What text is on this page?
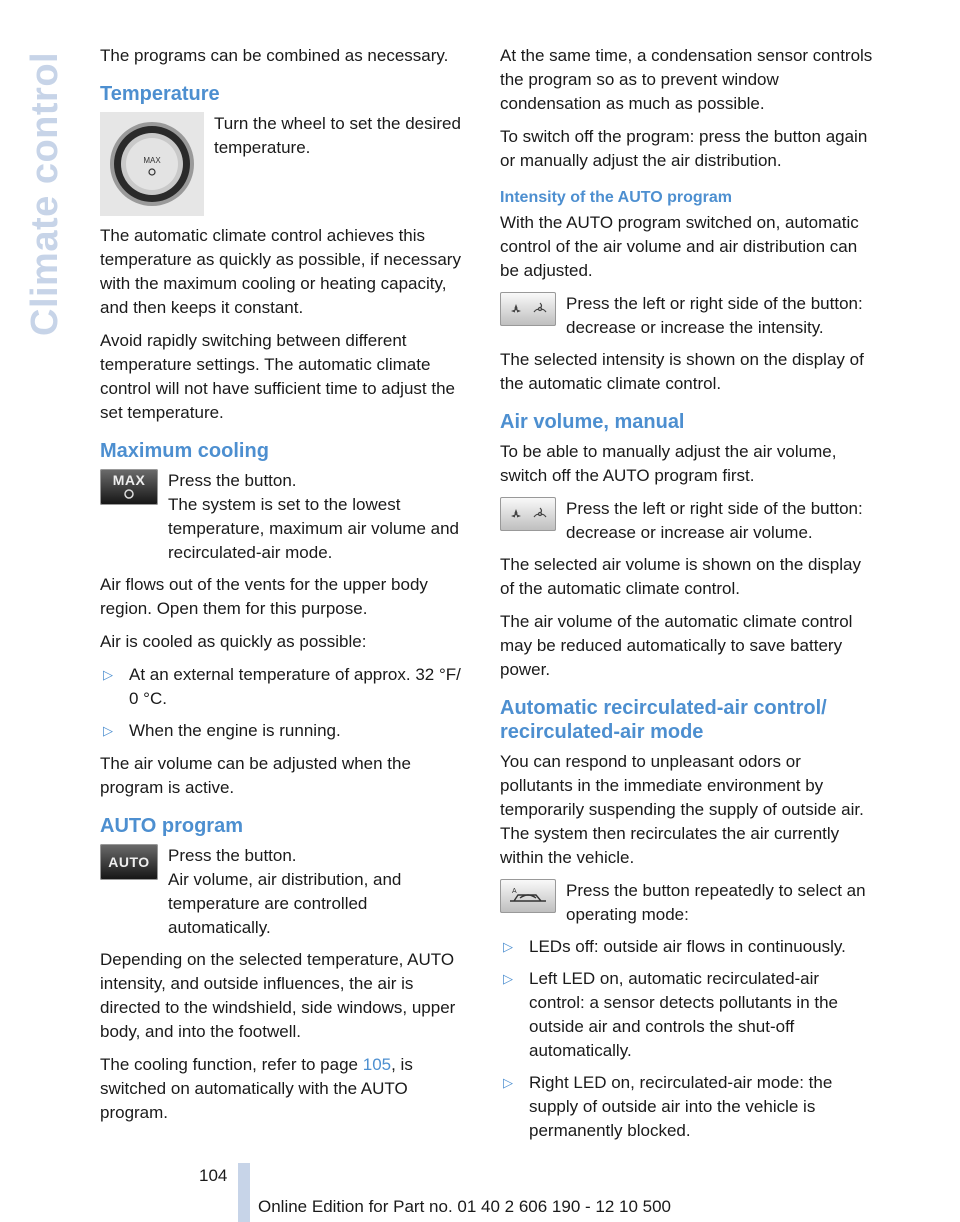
Climate control The programs can be combined as necessary.

Temperature
MAX
Turn the wheel to set the desired temperature.

The automatic climate control achieves this temperature as quickly as possible, if necessary with the maximum cooling or heating capacity, and then keeps it constant.

Avoid rapidly switching between different temperature settings. The automatic climate control will not have sufficient time to adjust the set temperature.

Maximum cooling
MAX Press the button.
The system is set to the lowest temperature, maximum air volume and recirculated-air mode.

Air flows out of the vents for the upper body region. Open them for this purpose.

Air is cooled as quickly as possible:

▷ At an external temperature of approx. 32 °F/ 0 °C.
▷ When the engine is running.

The air volume can be adjusted when the program is active.

AUTO program
AUTO Press the button.
Air volume, air distribution, and temperature are controlled automatically.

Depending on the selected temperature, AUTO intensity, and outside influences, the air is directed to the windshield, side windows, upper body, and into the footwell.

The cooling function, refer to page 105, is switched on automatically with the AUTO program.

At the same time, a condensation sensor controls the program so as to prevent window condensation as much as possible.

To switch off the program: press the button again or manually adjust the air distribution.

Intensity of the AUTO program

With the AUTO program switched on, automatic control of the air volume and air distribution can be adjusted.

Press the left or right side of the button: decrease or increase the intensity.

The selected intensity is shown on the display of the automatic climate control.

Air volume, manual

To be able to manually adjust the air volume, switch off the AUTO program first.

Press the left or right side of the button: decrease or increase air volume.

The selected air volume is shown on the display of the automatic climate control.

The air volume of the automatic climate control may be reduced automatically to save battery power.

Automatic recirculated-air control/ recirculated-air mode

You can respond to unpleasant odors or pollutants in the immediate environment by temporarily suspending the supply of outside air. The system then recirculates the air currently within the vehicle.

A	Press the button repeatedly to select an operating mode:
▷ LEDs off: outside air flows in continuously.
▷ Left LED on, automatic recirculated-air control: a sensor detects pollutants in the outside air and controls the shut-off automatically.
▷ Right LED on, recirculated-air mode: the supply of outside air into the vehicle is permanently blocked.
104
Online Edition for Part no. 01 40 2 606 190 - 12 10 500
